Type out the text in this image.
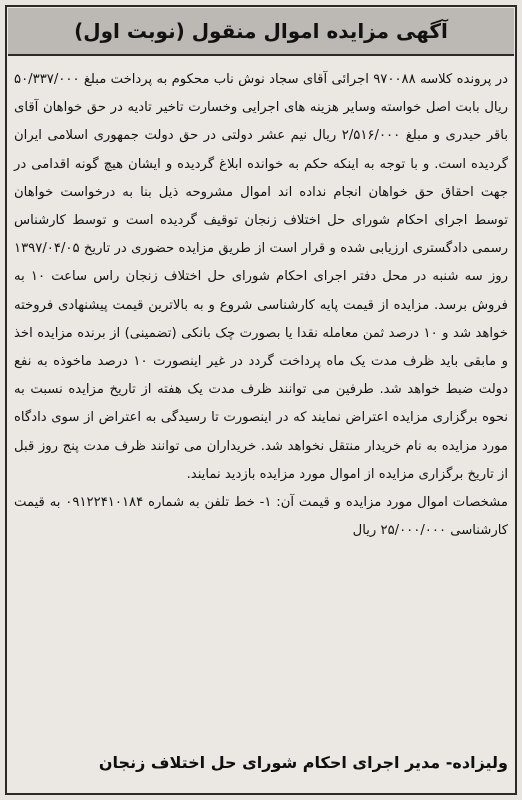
آگهی مزایده اموال منقول (نوبت اول)

در پرونده کلاسه ۹۷۰۰۸۸ اجرائی آقای سجاد نوش ناب محکوم به پرداخت مبلغ ۵۰/۳۳۷/۰۰۰ ریال بابت اصل خواسته وسایر هزینه های اجرایی وخسارت تاخیر تادیه در حق خواهان آقای باقر حیدری و مبلغ ۲/۵۱۶/۰۰۰ ریال نیم عشر دولتی در حق دولت جمهوری اسلامی ایران گردیده است. و با توجه به اینکه حکم به خوانده ابلاغ گردیده و ایشان هیچ گونه اقدامی در جهت احقاق حق خواهان انجام نداده اند اموال مشروحه ذیل بنا به درخواست خواهان توسط اجرای احکام شورای حل اختلاف زنجان توقیف گردیده است و توسط کارشناس رسمی دادگستری ارزیابی شده و قرار است از طریق مزایده حضوری در تاریخ ۱۳۹۷/۰۴/۰۵ روز سه شنبه در محل دفتر اجرای احکام شورای حل اختلاف زنجان راس ساعت ۱۰ به فروش برسد. مزایده از قیمت پایه کارشناسی شروع و به بالاترین قیمت پیشنهادی فروخته خواهد شد و ۱۰ درصد ثمن معامله نقدا یا بصورت چک بانکی (تضمینی) از برنده مزایده اخذ و مابقی باید ظرف مدت یک ماه پرداخت گردد در غیر اینصورت ۱۰ درصد ماخوذه به نفع دولت ضبط خواهد شد. طرفین می توانند ظرف مدت یک هفته از تاریخ مزایده نسبت به نحوه برگزاری مزایده اعتراض نمایند که در اینصورت تا رسیدگی به اعتراض از سوی دادگاه مورد مزایده به نام خریدار منتقل نخواهد شد. خریداران می توانند ظرف مدت پنج روز قبل از تاریخ برگزاری مزایده از اموال مورد مزایده بازدید نمایند.

مشخصات اموال مورد مزایده و قیمت آن: ۱- خط تلفن به شماره ۰۹۱۲۲۴۱۰۱۸۴ به قیمت کارشناسی ۲۵/۰۰۰/۰۰۰ ریال

ولیزاده- مدیر اجرای احکام شورای حل اختلاف زنجان
